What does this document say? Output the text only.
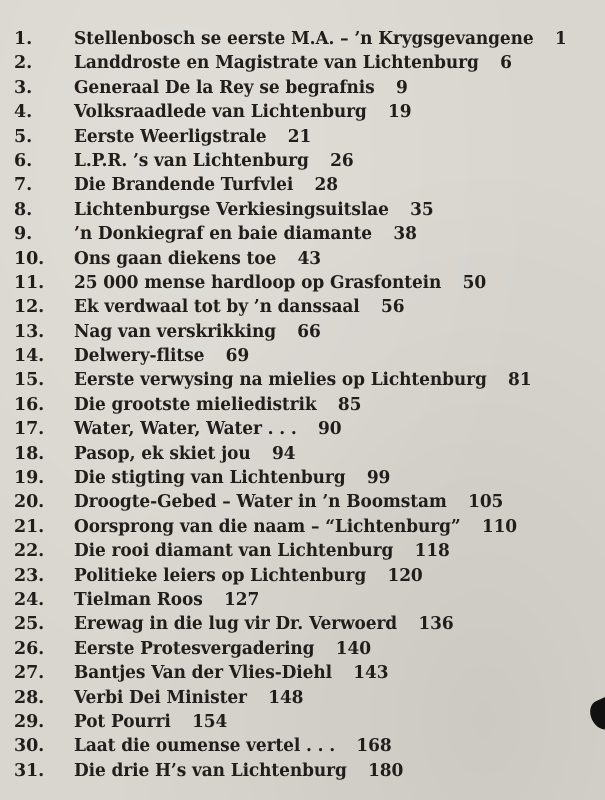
1.	Stellenbosch se eerste M.A. – ’n Krygsgevangene 1
2.	Landdroste en Magistrate van Lichtenburg 6
3.	Generaal De la Rey se begrafnis 9
4.	Volksraadlede van Lichtenburg 19
5.	Eerste Weerligstrale 21
6.	L.P.R. ’s van Lichtenburg 26
7.	Die Brandende Turfvlei 28
8.	Lichtenburgse Verkiesingsuitslae 35
9.	’n Donkiegraf en baie diamante 38
10.	Ons gaan diekens toe 43
11.	25 000 mense hardloop op Grasfontein 50
12.	Ek verdwaal tot by ’n danssaal 56
13.	Nag van verskrikking 66
14.	Delwery-flitse 69
15.	Eerste verwysing na mielies op Lichtenburg 81
16.	Die grootste mieliedistrik 85
17.	Water, Water, Water . . . 90
18.	Pasop, ek skiet jou 94
19.	Die stigting van Lichtenburg 99
20.	Droogte-Gebed – Water in ’n Boomstam 105
21.	Oorsprong van die naam – “Lichtenburg” 110
22.	Die rooi diamant van Lichtenburg 118
23.	Politieke leiers op Lichtenburg 120
24.	Tielman Roos 127
25.	Erewag in die lug vir Dr. Verwoerd 136
26.	Eerste Protesvergadering 140
27.	Bantjes Van der Vlies-Diehl 143
28.	Verbi Dei Minister 148
29.	Pot Pourri 154
30.	Laat die oumense vertel . . . 168
31.	Die drie H’s van Lichtenburg 180
